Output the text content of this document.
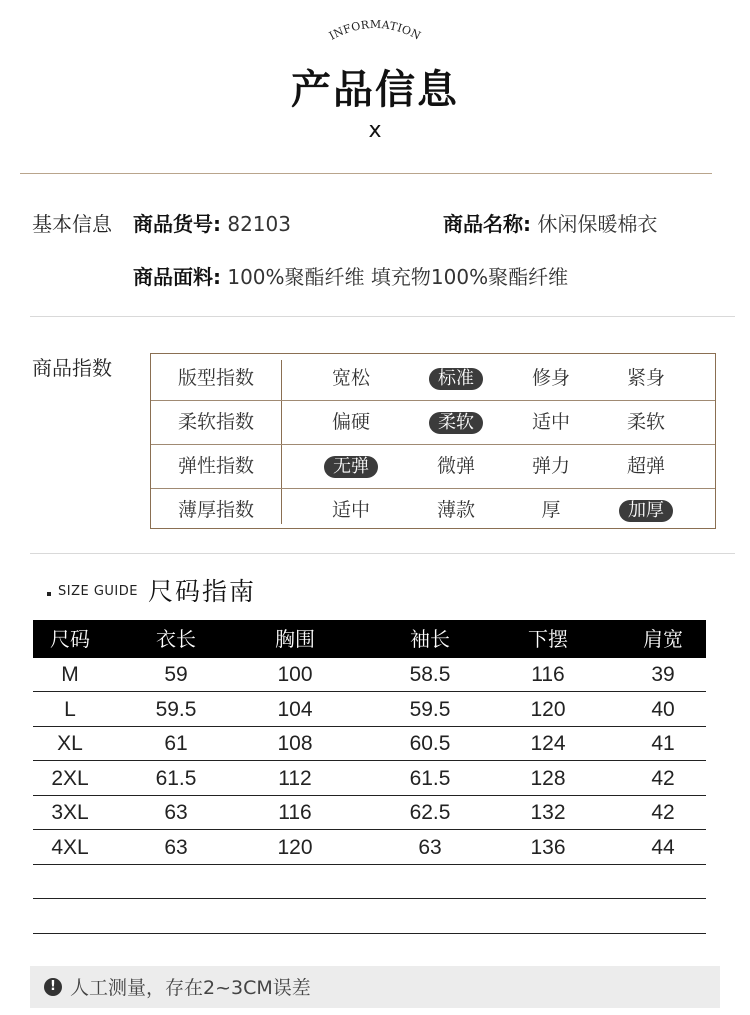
INFORMATION
产品信息
x
基本信息 商品货号: 82103	商品名称: 休闲保暖棉衣
商品面料: 100%聚酯纤维 填充物100%聚酯纤维
商品指数	版型指数	宽松	标准	修身	紧身
柔软指数	偏硬	柔软	适中	柔软
弹性指数	无弹	微弹	弹力	超弹
薄厚指数	适中	薄款	厚	加厚
SIZE GUIDE 尺码指南
尺码	衣长	胸围	袖长	下摆	肩宽
M	59	100	58.5	116	39
L	59.5	104	59.5	120	40
XL	61	108	60.5	124	41
2XL	61.5	112	61.5	128	42
3XL	63	116	62.5	132	42
4XL	63	120	63	136	44
! 人工测量，存在2~3CM误差
